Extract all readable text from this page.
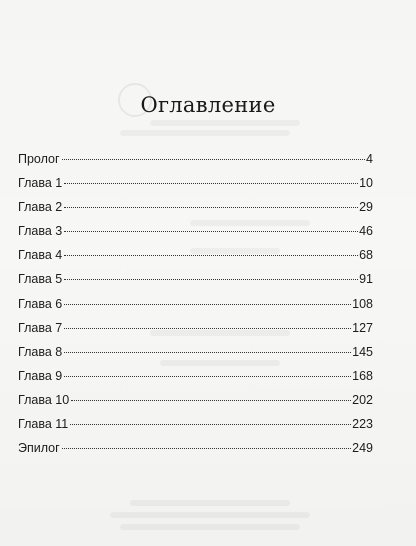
Оглавление
Пролог	4
Глава 1	10
Глава 2	29
Глава 3	46
Глава 4	68
Глава 5	91
Глава 6	108
Глава 7	127
Глава 8	145
Глава 9	168
Глава 10	202
Глава 11	223
Эпилог	249
